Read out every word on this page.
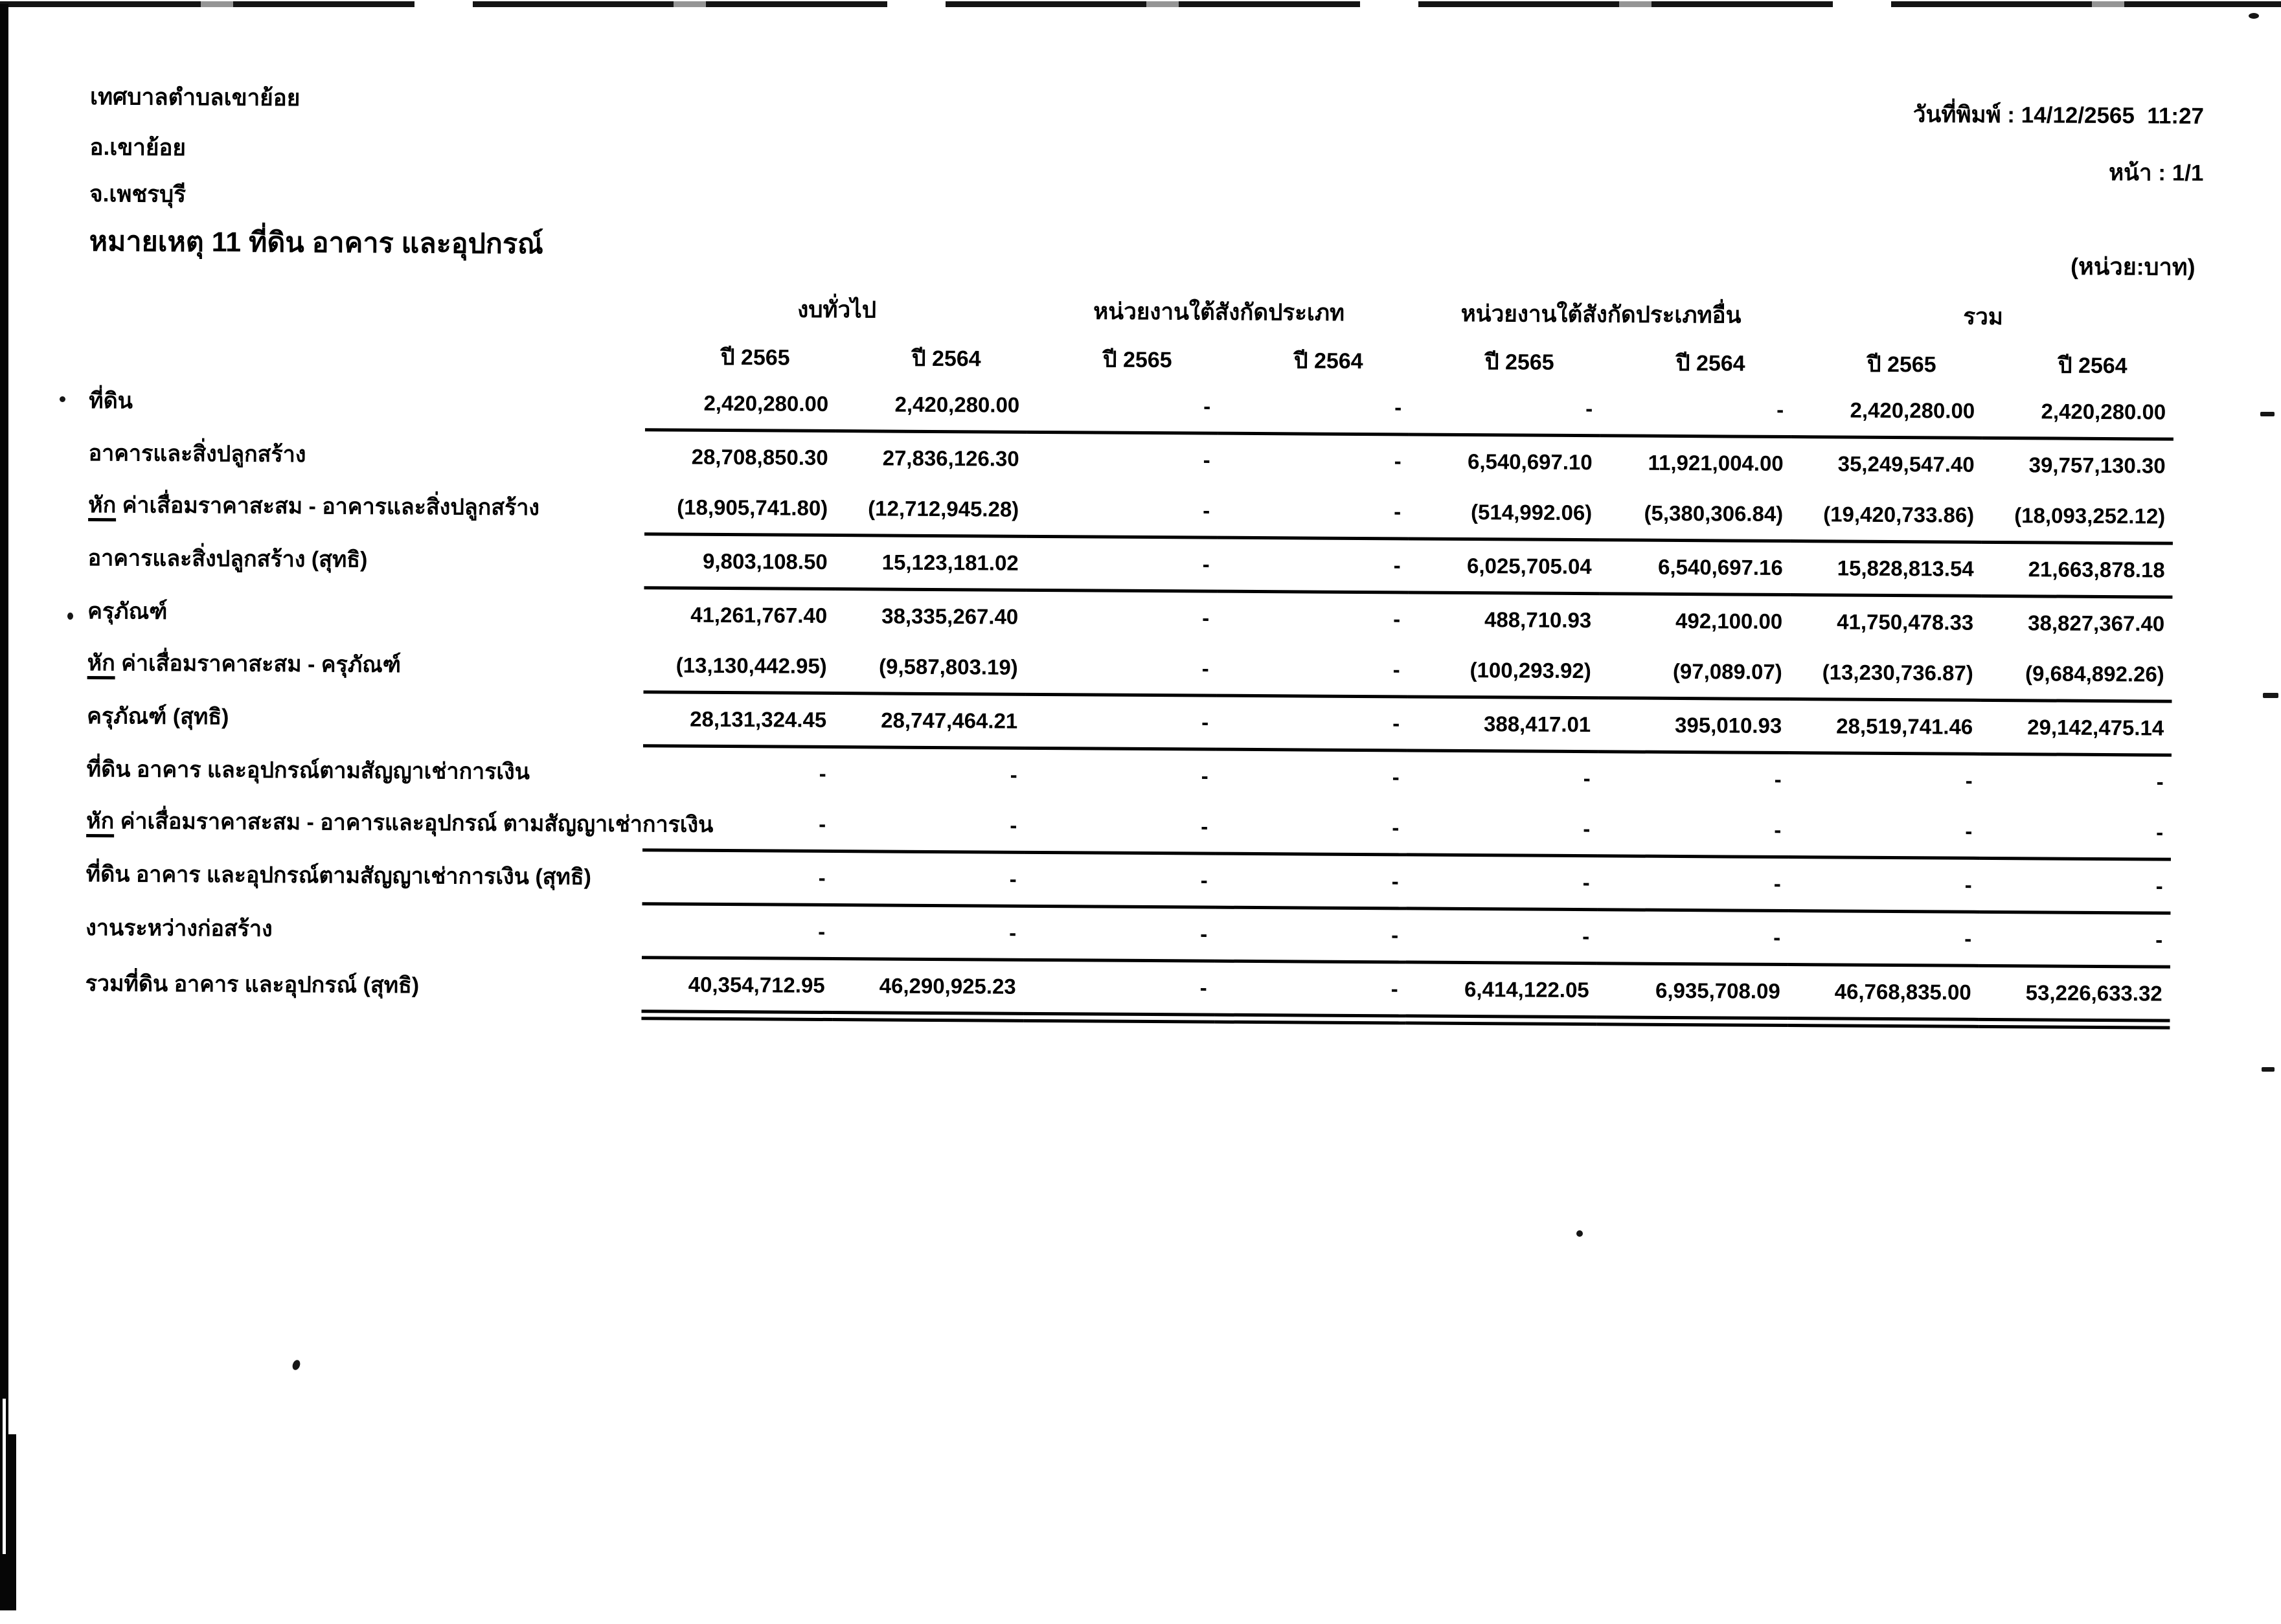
เทศบาลตำบลเขาย้อย
อ.เขาย้อย
จ.เพชรบุรี
วันที่พิมพ์ : 14/12/2565  11:27
หน้า : 1/1
หมายเหตุ 11 ที่ดิน อาคาร และอุปกรณ์
(หน่วย:บาท)
	งบทั่วไป		หน่วยงานใต้สังกัดประเภท		หน่วยงานใต้สังกัดประเภทอื่น		รวม	
	ปี 2565	ปี 2564	ปี 2565	ปี 2564	ปี 2565	ปี 2564	ปี 2565	ปี 2564
ที่ดิน	2,420,280.00	2,420,280.00	-	-	-	-	2,420,280.00	2,420,280.00
อาคารและสิ่งปลูกสร้าง	28,708,850.30	27,836,126.30	-	-	6,540,697.10	11,921,004.00	35,249,547.40	39,757,130.30
หัก ค่าเสื่อมราคาสะสม - อาคารและสิ่งปลูกสร้าง	(18,905,741.80)	(12,712,945.28)	-	-	(514,992.06)	(5,380,306.84)	(19,420,733.86)	(18,093,252.12)
อาคารและสิ่งปลูกสร้าง (สุทธิ)	9,803,108.50	15,123,181.02	-	-	6,025,705.04	6,540,697.16	15,828,813.54	21,663,878.18
ครุภัณฑ์	41,261,767.40	38,335,267.40	-	-	488,710.93	492,100.00	41,750,478.33	38,827,367.40
หัก ค่าเสื่อมราคาสะสม - ครุภัณฑ์	(13,130,442.95)	(9,587,803.19)	-	-	(100,293.92)	(97,089.07)	(13,230,736.87)	(9,684,892.26)
ครุภัณฑ์ (สุทธิ)	28,131,324.45	28,747,464.21	-	-	388,417.01	395,010.93	28,519,741.46	29,142,475.14
ที่ดิน อาคาร และอุปกรณ์ตามสัญญาเช่าการเงิน	-	-	-	-	-	-	-	-
หัก ค่าเสื่อมราคาสะสม - อาคารและอุปกรณ์ ตามสัญญาเช่าการเงิน	-	-	-	-	-	-	-	-
ที่ดิน อาคาร และอุปกรณ์ตามสัญญาเช่าการเงิน (สุทธิ)	-	-	-	-	-	-	-	-
งานระหว่างก่อสร้าง	-	-	-	-	-	-	-	-
รวมที่ดิน อาคาร และอุปกรณ์ (สุทธิ)	40,354,712.95	46,290,925.23	-	-	6,414,122.05	6,935,708.09	46,768,835.00	53,226,633.32
